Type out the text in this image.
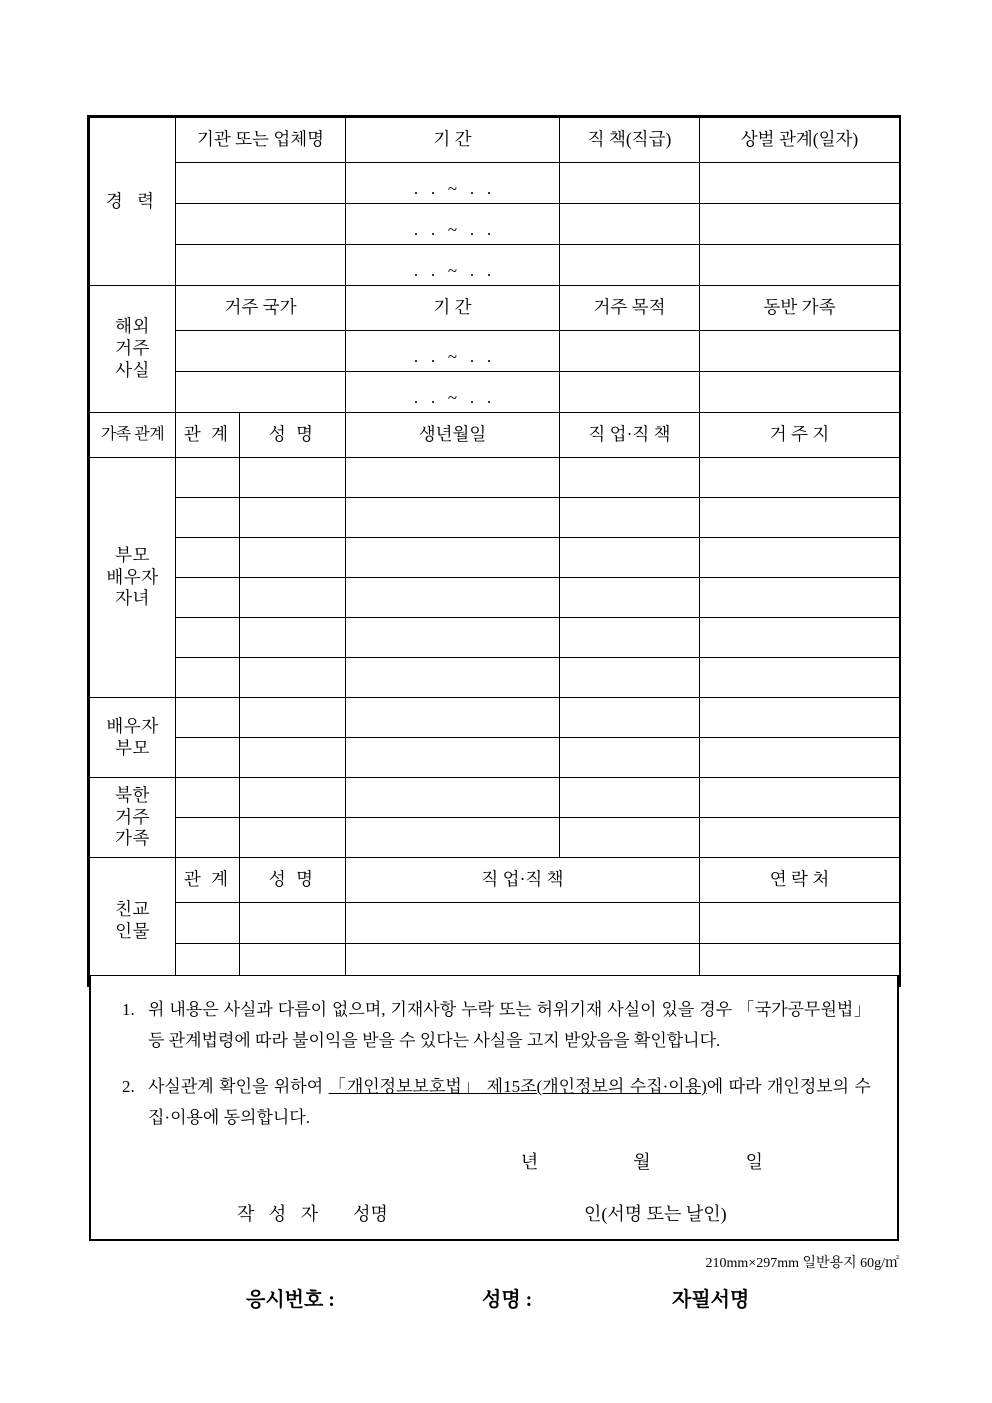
경 력	기관 또는 업체명		기 간	직 책(직급)	상벌 관계(일자)

			.   .   ~   .   .		

			.   .   ~   .   .		

			.   .   ~   .   .		

해외
거주
사실	거주 국가		기 간	거주 목적	동반 가족

			.   .   ~   .   .		

			.   .   ~   .   .		

가족 관계	관 계	성 명	생년월일	직 업·직 책	거 주 지

부모
배우자
자녀					

배우자
부모					

북한
거주
가족					

친교
인물	관 계	성 명	직 업·직 책		연 락 처

1. 위 내용은 사실과 다름이 없으며, 기재사항 누락 또는 허위기재 사실이 있을 경우 「국가공무원법」 등 관계법령에 따라 불이익을 받을 수 있다는 사실을 고지 받았음을 확인합니다.
2. 사실관계 확인을 위하여 「개인정보보호법」 제15조(개인정보의 수집·이용)에 따라 개인정보의 수집·이용에 동의합니다.
년	월	일
작 성 자 성명	인(서명 또는 날인)
210mm×297mm 일반용지 60g/㎡
응시번호 :	성명 :	자필서명
